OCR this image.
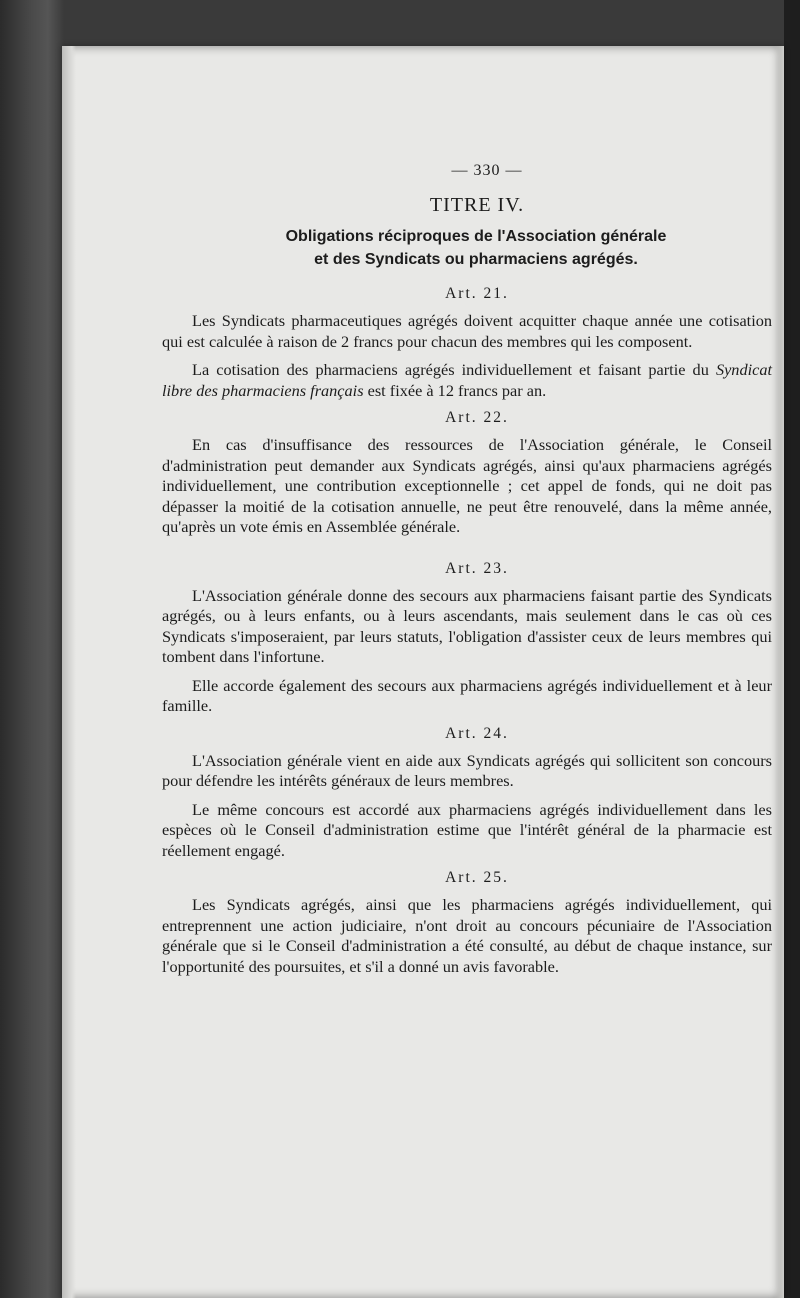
— 330 —
TITRE IV.
Obligations réciproques de l'Association générale
et des Syndicats ou pharmaciens agrégés.
Art. 21.

Les Syndicats pharmaceutiques agrégés doivent acquitter chaque année une cotisation qui est calculée à raison de 2 francs pour chacun des membres qui les composent.

La cotisation des pharmaciens agrégés individuellement et faisant partie du Syndicat libre des pharmaciens français est fixée à 12 francs par an.

Art. 22.

En cas d'insuffisance des ressources de l'Association générale, le Conseil d'administration peut demander aux Syndicats agrégés, ainsi qu'aux pharmaciens agrégés individuellement, une contribution exceptionnelle ; cet appel de fonds, qui ne doit pas dépasser la moitié de la cotisation annuelle, ne peut être renouvelé, dans la même année, qu'après un vote émis en Assemblée générale.

Art. 23.

L'Association générale donne des secours aux pharmaciens faisant partie des Syndicats agrégés, ou à leurs enfants, ou à leurs ascendants, mais seulement dans le cas où ces Syndicats s'imposeraient, par leurs statuts, l'obligation d'assister ceux de leurs membres qui tombent dans l'infortune.

Elle accorde également des secours aux pharmaciens agrégés individuellement et à leur famille.

Art. 24.

L'Association générale vient en aide aux Syndicats agrégés qui sollicitent son concours pour défendre les intérêts généraux de leurs membres.

Le même concours est accordé aux pharmaciens agrégés individuellement dans les espèces où le Conseil d'administration estime que l'intérêt général de la pharmacie est réellement engagé.

Art. 25.

Les Syndicats agrégés, ainsi que les pharmaciens agrégés individuellement, qui entreprennent une action judiciaire, n'ont droit au concours pécuniaire de l'Association générale que si le Conseil d'administration a été consulté, au début de chaque instance, sur l'opportunité des poursuites, et s'il a donné un avis favorable.
